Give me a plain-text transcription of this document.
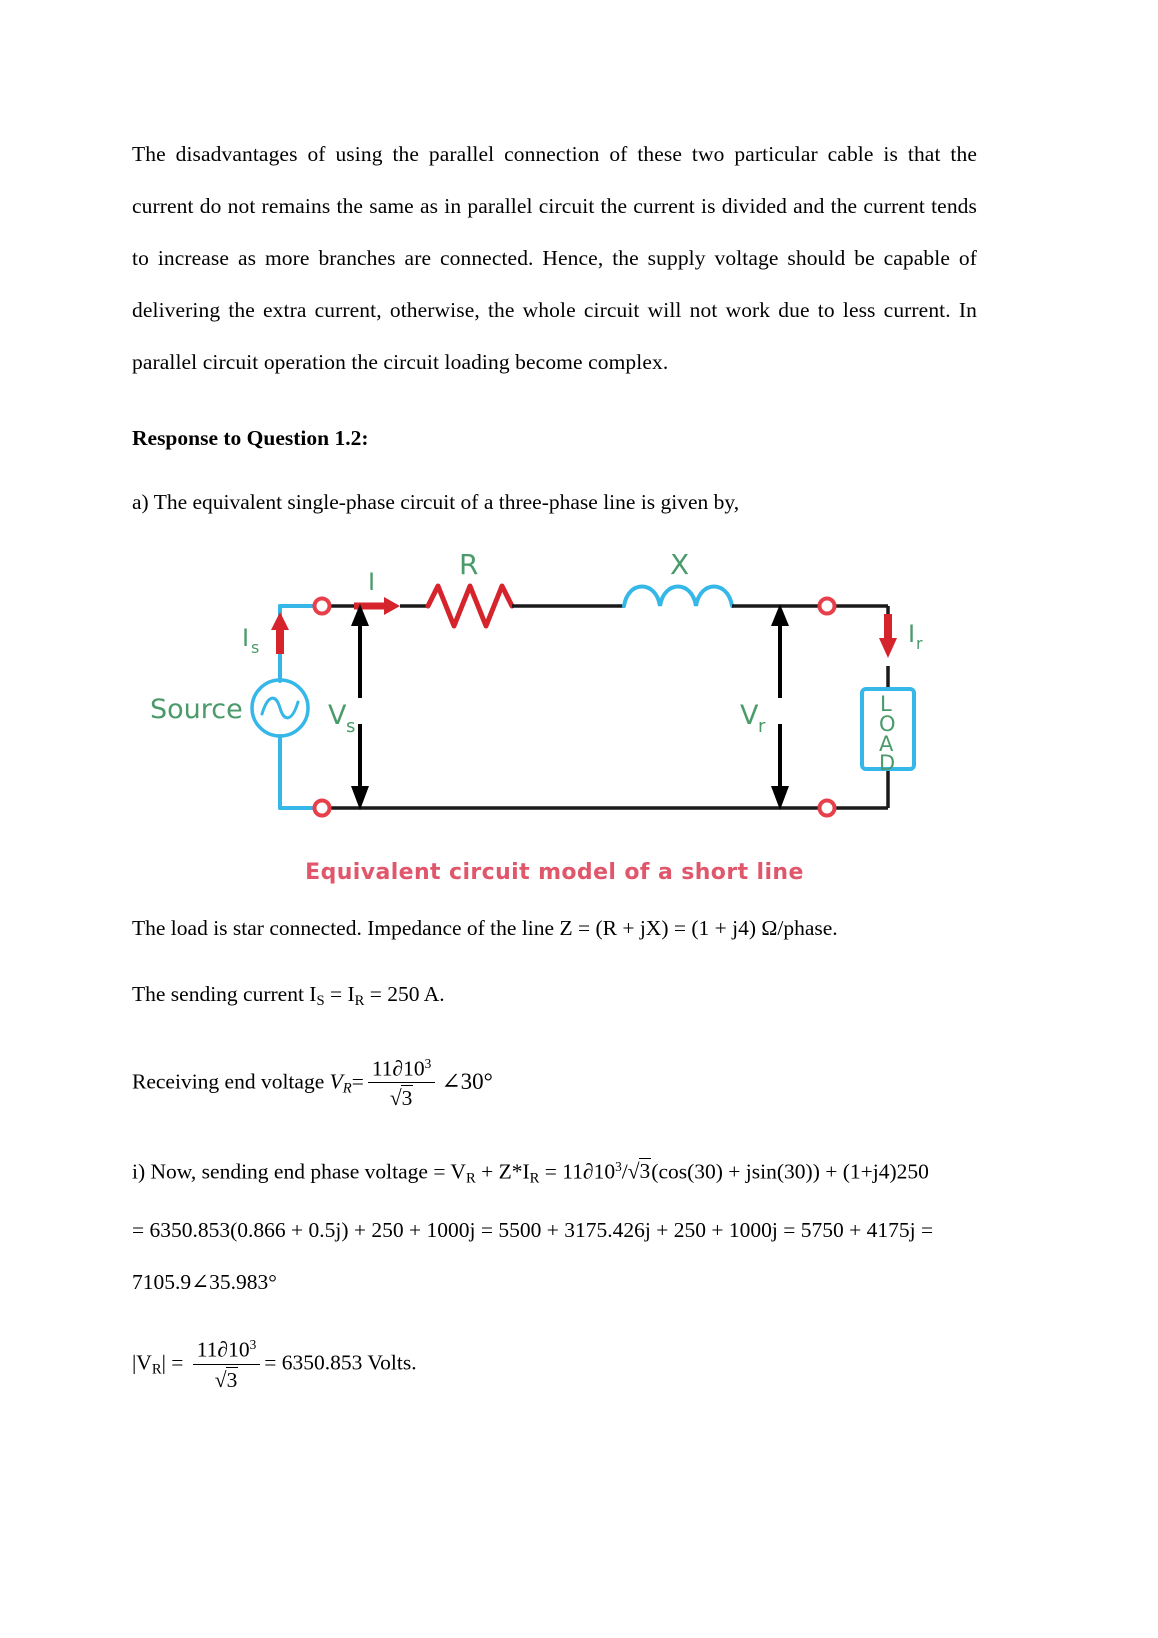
The disadvantages of using the parallel connection of these two particular cable is that the current do not remains the same as in parallel circuit the current is divided and the current tends to increase as more branches are connected. Hence, the supply voltage should be capable of delivering the extra current, otherwise, the whole circuit will not work due to less current. In parallel circuit operation the circuit loading become complex.

Response to Question 1.2:

a) The equivalent single-phase circuit of a three-phase line is given by,

Source
I s
I
R	X
V s	V r
I r
L
O
A
D
Equivalent circuit model of a short line

The load is star connected. Impedance of the line Z = (R + jX) = (1 + j4) Ω/phase.

The sending current $I_S = I_R = 250$ A.

Receiving end voltage $V_R= \frac{11\partial 10^3}{√3}$ ∠30°

i) Now, sending end phase voltage = $V_R + Z*I_R = 11\partial 10^3/√3(\cos(30) + jsin(30)) + (1+j4)250$

= 6350.853(0.866 + 0.5j) + 250 + 1000j = 5500 + 3175.426j + 250 + 1000j = 5750 + 4175j =

7105.9∠35.983°

$|V_R| = \frac{11\partial 10^3}{√3} = 6350.853$ Volts.
